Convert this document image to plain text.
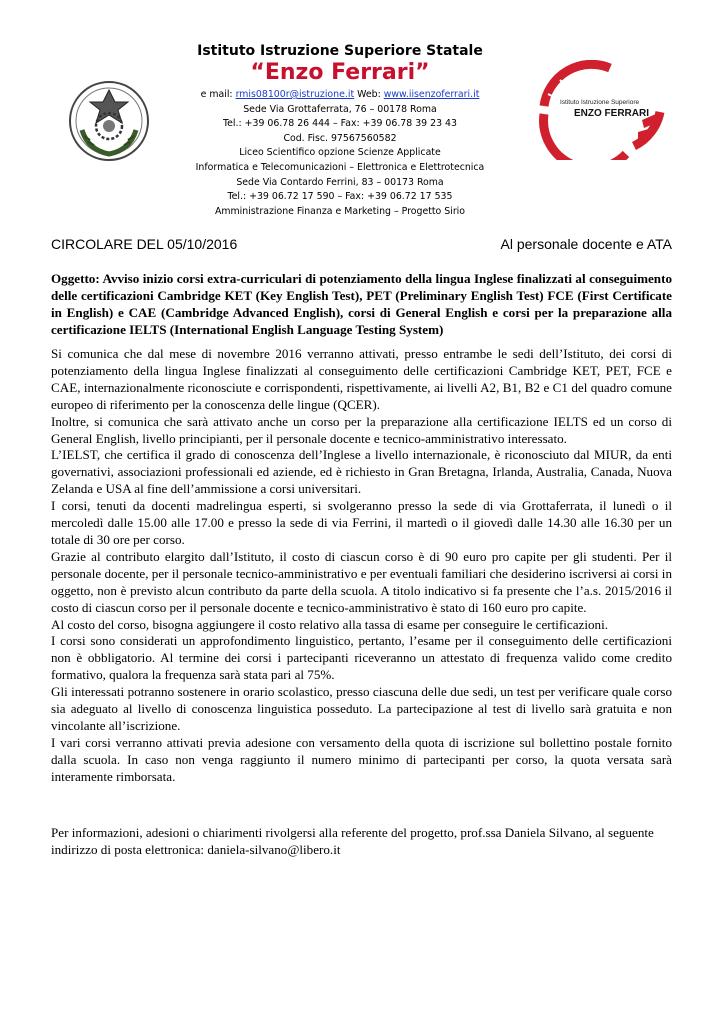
Istituto Istruzione Superiore Statale

“Enzo Ferrari”

e mail: rmis08100r@istruzione.it Web: www.iisenzoferrari.it

Sede Via Grottaferrata, 76 – 00178 Roma

Tel.: +39 06.78 26 444 – Fax: +39 06.78 39 23 43

Cod. Fisc. 97567560582

Liceo Scientifico opzione Scienze Applicate

Informatica e Telecomunicazioni – Elettronica e Elettrotecnica

Sede Via Contardo Ferrini, 83 – 00173 Roma

Tel.: +39 06.72 17 590 – Fax: +39 06.72 17 535

Amministrazione Finanza e Marketing – Progetto Sirio

Istituto Istruzione Superiore
ENZO FERRARI
CIRCOLARE DEL 05/10/2016	Al personale docente e ATA

Oggetto: Avviso inizio corsi extra-curriculari di potenziamento della lingua Inglese finalizzati al conseguimento delle certificazioni Cambridge KET (Key English Test), PET (Preliminary English Test) FCE (First Certificate in English) e CAE (Cambridge Advanced English), corsi di General English e corsi per la preparazione alla certificazione IELTS (International English Language Testing System)

Si comunica che dal mese di novembre 2016 verranno attivati, presso entrambe le sedi dell’Istituto, dei corsi di potenziamento della lingua Inglese finalizzati al conseguimento delle certificazioni Cambridge KET, PET, FCE e CAE, internazionalmente riconosciute e corrispondenti, rispettivamente, ai livelli A2, B1, B2 e C1 del quadro comune europeo di riferimento per la conoscenza delle lingue (QCER).

Inoltre, si comunica che sarà attivato anche un corso per la preparazione alla certificazione IELTS ed un corso di General English, livello principianti, per il personale docente e tecnico-amministrativo interessato.

L’IELST, che certifica il grado di conoscenza dell’Inglese a livello internazionale, è riconosciuto dal MIUR, da enti governativi, associazioni professionali ed aziende, ed è richiesto in Gran Bretagna, Irlanda, Australia, Canada, Nuova Zelanda e USA al fine dell’ammissione a corsi universitari.

I corsi, tenuti da docenti madrelingua esperti, si svolgeranno presso la sede di via Grottaferrata, il lunedì o il mercoledì dalle 15.00 alle 17.00 e presso la sede di via Ferrini, il martedì o il giovedì dalle 14.30 alle 16.30 per un totale di 30 ore per corso.

Grazie al contributo elargito dall’Istituto, il costo di ciascun corso è di 90 euro pro capite per gli studenti. Per il personale docente, per il personale tecnico-amministrativo e per eventuali familiari che desiderino iscriversi ai corsi in oggetto, non è previsto alcun contributo da parte della scuola. A titolo indicativo si fa presente che l’a.s. 2015/2016 il costo di ciascun corso per il personale docente e tecnico-amministrativo è stato di 160 euro pro capite.

Al costo del corso, bisogna aggiungere il costo relativo alla tassa di esame per conseguire le certificazioni.

I corsi sono considerati un approfondimento linguistico, pertanto, l’esame per il conseguimento delle certificazioni non è obbligatorio. Al termine dei corsi i partecipanti riceveranno un attestato di frequenza valido come credito formativo, qualora la frequenza sarà stata pari al 75%.

Gli interessati potranno sostenere in orario scolastico, presso ciascuna delle due sedi, un test per verificare quale corso sia adeguato al livello di conoscenza linguistica posseduto. La partecipazione al test di livello sarà gratuita e non vincolante all’iscrizione.

I vari corsi verranno attivati previa adesione con versamento della quota di iscrizione sul bollettino postale fornito dalla scuola. In caso non venga raggiunto il numero minimo di partecipanti per corso, la quota versata sarà interamente rimborsata.

Per informazioni, adesioni o chiarimenti rivolgersi alla referente del progetto, prof.ssa Daniela Silvano, al seguente indirizzo di posta elettronica: daniela-silvano@libero.it
